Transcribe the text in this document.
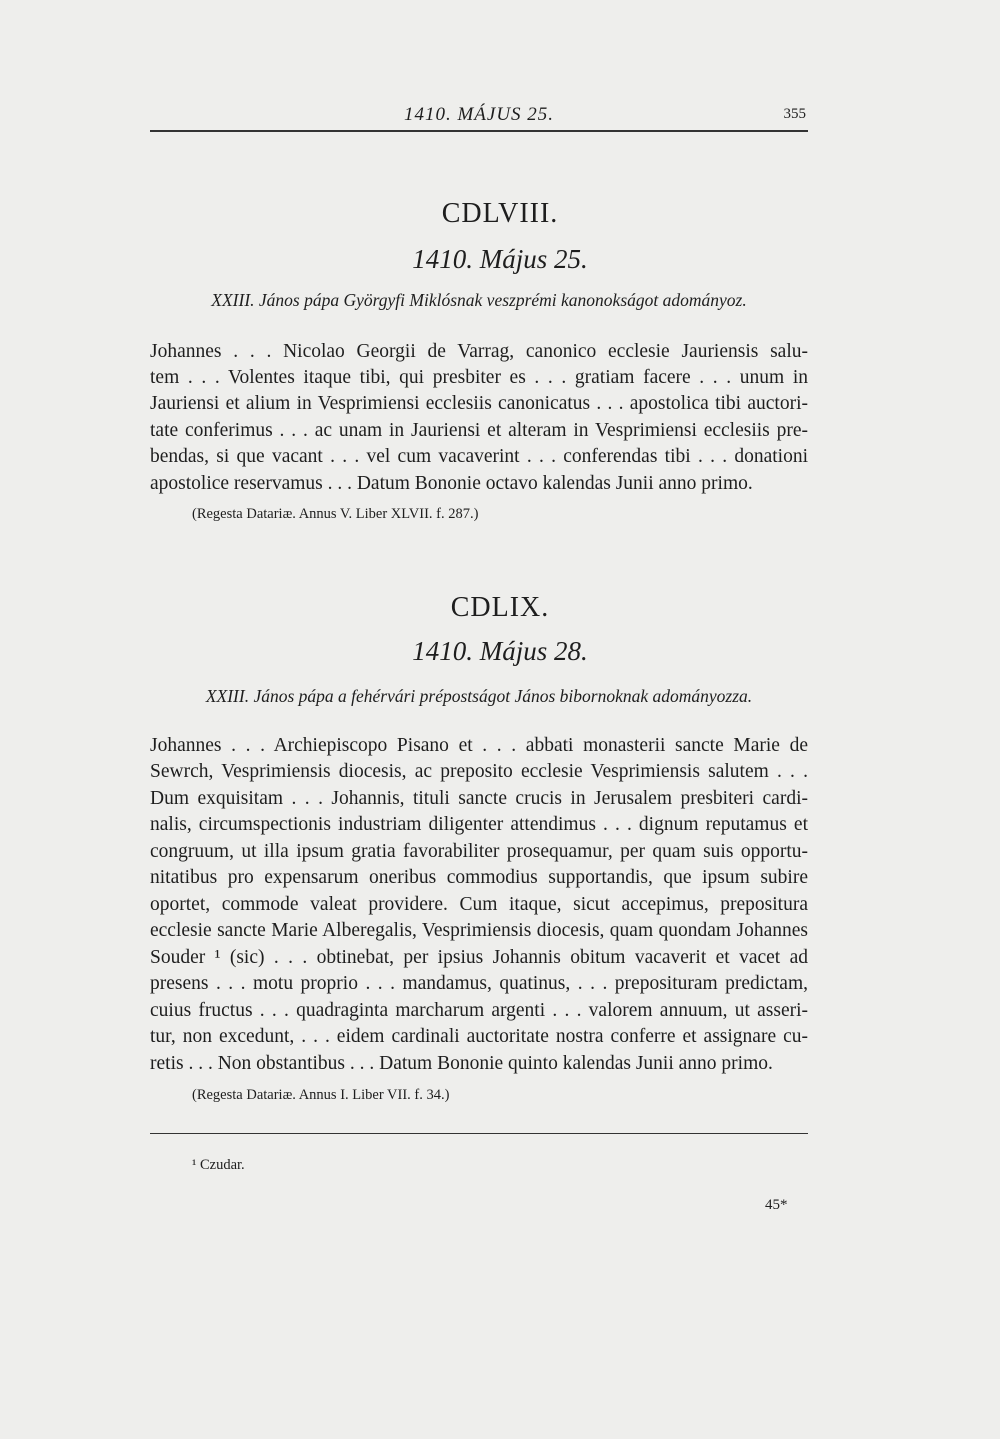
1410. MÁJUS 25.	355
CDLVIII.
1410. Május 25.
XXIII. János pápa Györgyfi Miklósnak veszprémi kanonokságot adományoz.
Johannes . . . Nicolao Georgii de Varrag, canonico ecclesie Jauriensis salu-
tem . . . Volentes itaque tibi, qui presbiter es . . . gratiam facere . . . unum in
Jauriensi et alium in Vesprimiensi ecclesiis canonicatus . . . apostolica tibi auctori-
tate conferimus . . . ac unam in Jauriensi et alteram in Vesprimiensi ecclesiis pre-
bendas, si que vacant . . . vel cum vacaverint . . . conferendas tibi . . . donationi
apostolice reservamus . . . Datum Bononie octavo kalendas Junii anno primo.
(Regesta Datariæ. Annus V. Liber XLVII. f. 287.)
CDLIX.
1410. Május 28.
XXIII. János pápa a fehérvári prépostságot János bibornoknak adományozza.
Johannes . . . Archiepiscopo Pisano et . . . abbati monasterii sancte Marie de
Sewrch, Vesprimiensis diocesis, ac preposito ecclesie Vesprimiensis salutem . . .
Dum exquisitam . . . Johannis, tituli sancte crucis in Jerusalem presbiteri cardi-
nalis, circumspectionis industriam diligenter attendimus . . . dignum reputamus et
congruum, ut illa ipsum gratia favorabiliter prosequamur, per quam suis opportu-
nitatibus pro expensarum oneribus commodius supportandis, que ipsum subire
oportet, commode valeat providere. Cum itaque, sicut accepimus, prepositura
ecclesie sancte Marie Alberegalis, Vesprimiensis diocesis, quam quondam Johannes
Souder ¹ (sic) . . . obtinebat, per ipsius Johannis obitum vacaverit et vacet ad
presens . . . motu proprio . . . mandamus, quatinus, . . . preposituram predictam,
cuius fructus . . . quadraginta marcharum argenti . . . valorem annuum, ut asseri-
tur, non excedunt, . . . eidem cardinali auctoritate nostra conferre et assignare cu-
retis . . . Non obstantibus . . . Datum Bononie quinto kalendas Junii anno primo.
(Regesta Datariæ. Annus I. Liber VII. f. 34.)
¹ Czudar.
45*
